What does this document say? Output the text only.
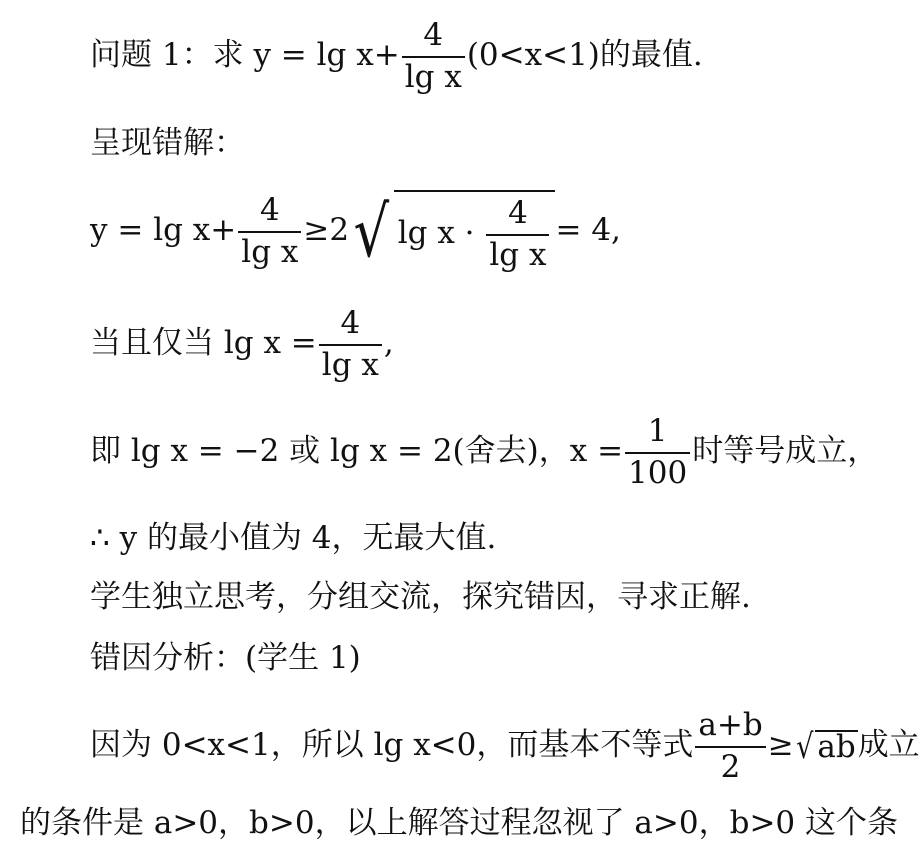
问题 1：求 $y = \lg x+ \frac{4}{\text{lg x}} (0<x<1)$的最值.
呈现错解：
$y = \lg x+ \frac{4}{\text{lg x}} \ge 2√$ $\lg x \cdot \frac{4}{\text{lg x}} = 4$,
当且仅当 $\lg x = \frac{4}{\text{lg x}}$ ,
即 lg x = −2 或 lg x = 2(舍去)，$x = \frac{1}{100}$ 时等号成立，
∴ y 的最小值为 4，无最大值.
学生独立思考，分组交流，探究错因，寻求正解.
错因分析：(学生 1)
因为 0<x<1，所以 lg x<0，而基本不等式 $\frac{a+b}{2}$ ≥√ ab成立
的条件是 a>0，b>0，以上解答过程忽视了 a>0，b>0 这个条
